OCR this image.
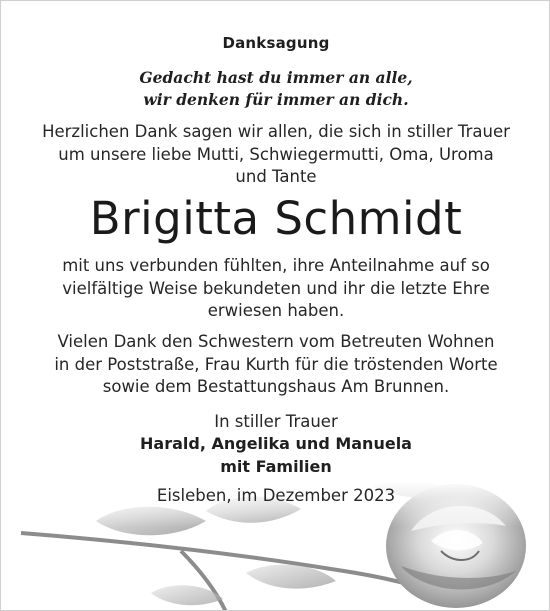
Danksagung
Gedacht hast du immer an alle,
wir denken für immer an dich.
Herzlichen Dank sagen wir allen, die sich in stiller Trauer
um unsere liebe Mutti, Schwiegermutti, Oma, Uroma
und Tante
Brigitta Schmidt
mit uns verbunden fühlten, ihre Anteilnahme auf so
vielfältige Weise bekundeten und ihr die letzte Ehre
erwiesen haben.
Vielen Dank den Schwestern vom Betreuten Wohnen
in der Poststraße, Frau Kurth für die tröstenden Worte
sowie dem Bestattungshaus Am Brunnen.
In stiller Trauer
Harald, Angelika und Manuela
mit Familien
Eisleben, im Dezember 2023
